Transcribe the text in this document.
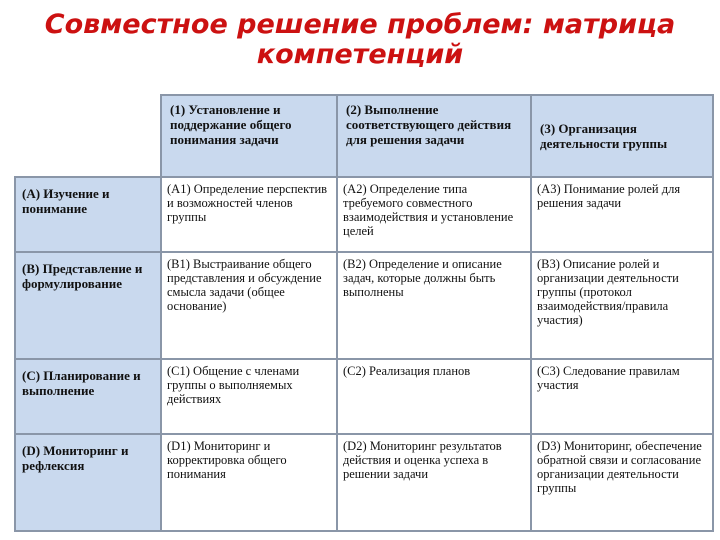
Совместное решение проблем: матрица
компетенций
	(1) Установление и поддержание общего понимания задачи	(2) Выполнение соответствующего действия для решения задачи	(3) Организация деятельности группы
(А) Изучение и понимание	(А1) Определение перспектив и возможностей членов группы	(А2) Определение типа требуемого совместного взаимодействия и установление целей	(А3) Понимание ролей для решения задачи
(В) Представление и формулирование	(В1) Выстраивание общего представления и обсуждение смысла задачи (общее основание)	(В2) Определение и описание задач, которые должны быть выполнены	(В3) Описание ролей и организации деятельности группы (протокол взаимодействия/правила участия)
(С) Планирование и выполнение	(С1) Общение с членами группы о выполняемых действиях	(С2) Реализация планов	(С3) Следование правилам участия
(D) Мониторинг и рефлексия	(D1) Мониторинг и корректировка общего понимания	(D2) Мониторинг результатов действия и оценка успеха в решении задачи	(D3) Мониторинг, обеспечение обратной связи и согласование организации деятельности группы
